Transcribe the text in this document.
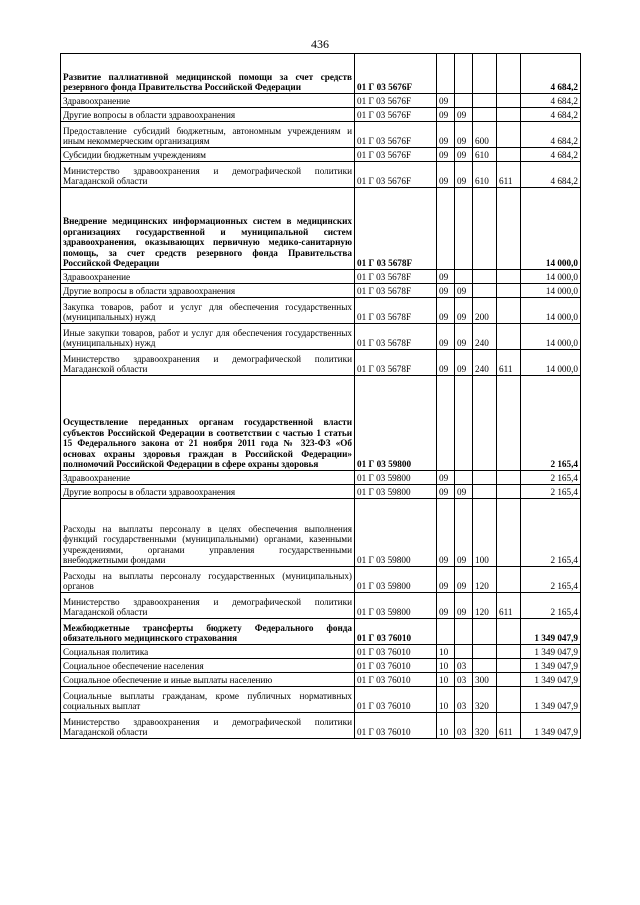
436
Развитие паллиативной медицинской помощи за счет средств резервного фонда Правительства Российской Федерации	01 Г 03 5676F					4 684,2
Здравоохранение	01 Г 03 5676F	09				4 684,2
Другие вопросы в области здравоохранения	01 Г 03 5676F	09	09			4 684,2
Предоставление субсидий бюджетным, автономным учреждениям и иным некоммерческим организациям	01 Г 03 5676F	09	09	600		4 684,2
Субсидии бюджетным учреждениям	01 Г 03 5676F	09	09	610		4 684,2
Министерство здравоохранения и демографической политики Магаданской области	01 Г 03 5676F	09	09	610	611	4 684,2
Внедрение медицинских информационных систем в медицинских организациях государственной и муниципальной систем здравоохранения, оказывающих первичную медико-санитарную помощь, за счет средств резервного фонда Правительства Российской Федерации	01 Г 03 5678F					14 000,0
Здравоохранение	01 Г 03 5678F	09				14 000,0
Другие вопросы в области здравоохранения	01 Г 03 5678F	09	09			14 000,0
Закупка товаров, работ и услуг для обеспечения государственных (муниципальных) нужд	01 Г 03 5678F	09	09	200		14 000,0
Иные закупки товаров, работ и услуг для обеспечения государственных (муниципальных) нужд	01 Г 03 5678F	09	09	240		14 000,0
Министерство здравоохранения и демографической политики Магаданской области	01 Г 03 5678F	09	09	240	611	14 000,0
Осуществление переданных органам государственной власти субъектов Российской Федерации в соответствии с частью 1 статьи 15 Федерального закона от 21 ноября 2011 года № 323-ФЗ «Об основах охраны здоровья граждан в Российской Федерации» полномочий Российской Федерации в сфере охраны здоровья	01 Г 03 59800					2 165,4
Здравоохранение	01 Г 03 59800	09				2 165,4
Другие вопросы в области здравоохранения	01 Г 03 59800	09	09			2 165,4
Расходы на выплаты персоналу в целях обеспечения выполнения функций государственными (муниципальными) органами, казенными учреждениями, органами управления государственными внебюджетными фондами	01 Г 03 59800	09	09	100		2 165,4
Расходы на выплаты персоналу государственных (муниципальных) органов	01 Г 03 59800	09	09	120		2 165,4
Министерство здравоохранения и демографической политики Магаданской области	01 Г 03 59800	09	09	120	611	2 165,4
Межбюджетные трансферты бюджету Федерального фонда обязательного медицинского страхования	01 Г 03 76010					1 349 047,9
Социальная политика	01 Г 03 76010	10				1 349 047,9
Социальное обеспечение населения	01 Г 03 76010	10	03			1 349 047,9
Социальное обеспечение и иные выплаты населению	01 Г 03 76010	10	03	300		1 349 047,9
Социальные выплаты гражданам, кроме публичных нормативных социальных выплат	01 Г 03 76010	10	03	320		1 349 047,9
Министерство здравоохранения и демографической политики Магаданской области	01 Г 03 76010	10	03	320	611	1 349 047,9
